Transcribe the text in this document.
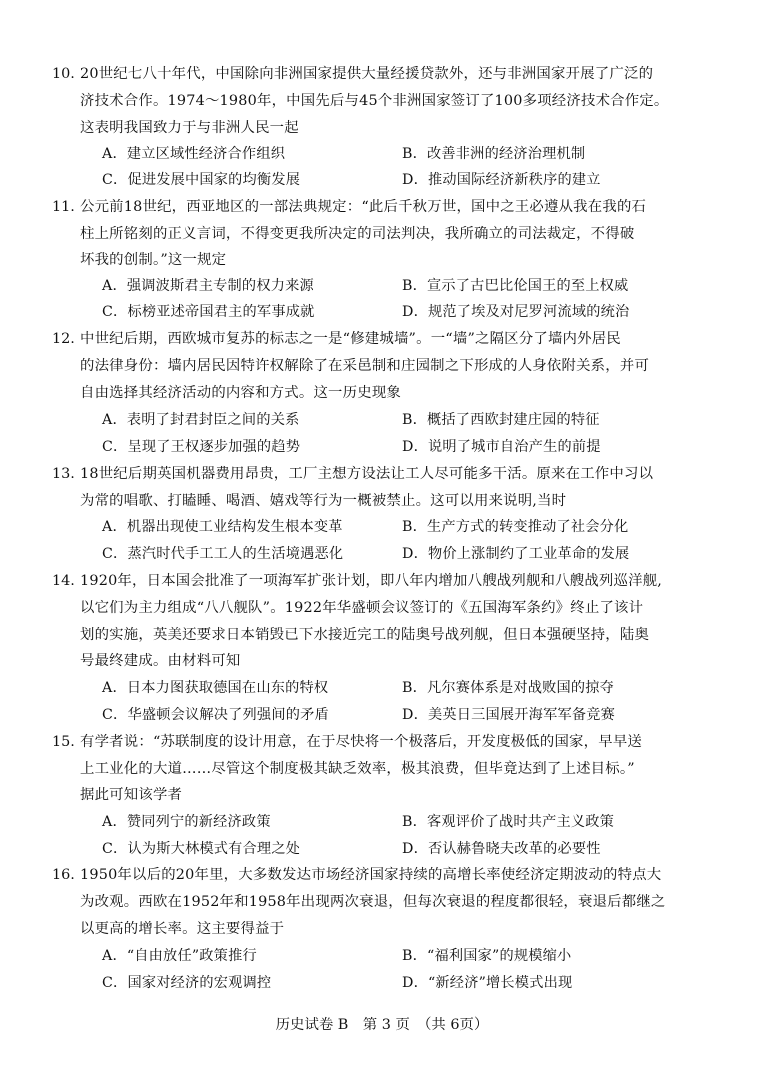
10. 20世纪七八十年代，中国除向非洲国家提供大量经援贷款外，还与非洲国家开展了广泛的
济技术合作。1974～1980年，中国先后与45个非洲国家签订了100多项经济技术合作定。
这表明我国致力于与非洲人民一起
A．建立区域性经济合作组织	B．改善非洲的经济治理机制
C．促进发展中国家的均衡发展	D．推动国际经济新秩序的建立
11. 公元前18世纪，西亚地区的一部法典规定：“此后千秋万世，国中之王必遵从我在我的石
柱上所铭刻的正义言词，不得变更我所决定的司法判决，我所确立的司法裁定，不得破
坏我的创制。”这一规定
A．强调波斯君主专制的权力来源	B．宣示了古巴比伦国王的至上权威
C．标榜亚述帝国君主的军事成就	D．规范了埃及对尼罗河流域的统治
12. 中世纪后期，西欧城市复苏的标志之一是“修建城墙”。一“墙”之隔区分了墙内外居民
的法律身份：墙内居民因特许权解除了在采邑制和庄园制之下形成的人身依附关系，并可
自由选择其经济活动的内容和方式。这一历史现象
A．表明了封君封臣之间的关系	B．概括了西欧封建庄园的特征
C．呈现了王权逐步加强的趋势	D．说明了城市自治产生的前提
13. 18世纪后期英国机器费用昂贵，工厂主想方设法让工人尽可能多干活。原来在工作中习以
为常的唱歌、打瞌睡、喝酒、嬉戏等行为一概被禁止。这可以用来说明,当时
A．机器出现使工业结构发生根本变革	B．生产方式的转变推动了社会分化
C．蒸汽时代手工工人的生活境遇恶化	D．物价上涨制约了工业革命的发展
14. 1920年，日本国会批准了一项海军扩张计划，即八年内增加八艘战列舰和八艘战列巡洋舰,
以它们为主力组成“八八舰队”。1922年华盛顿会议签订的《五国海军条约》终止了该计
划的实施，英美还要求日本销毁已下水接近完工的陆奥号战列舰，但日本强硬坚持，陆奥
号最终建成。由材料可知
A．日本力图获取德国在山东的特权	B．凡尔赛体系是对战败国的掠夺
C．华盛顿会议解决了列强间的矛盾	D．美英日三国展开海军军备竞赛
15. 有学者说：“苏联制度的设计用意，在于尽快将一个极落后，开发度极低的国家，早早送
上工业化的大道……尽管这个制度极其缺乏效率，极其浪费，但毕竟达到了上述目标。”
据此可知该学者
A．赞同列宁的新经济政策	B．客观评价了战时共产主义政策
C．认为斯大林模式有合理之处	D．否认赫鲁晓夫改革的必要性
16. 1950年以后的20年里，大多数发达市场经济国家持续的高增长率使经济定期波动的特点大
为改观。西欧在1952年和1958年出现两次衰退，但每次衰退的程度都很轻，衰退后都继之
以更高的增长率。这主要得益于
A．“自由放任”政策推行	B．“福利国家”的规模缩小
C．国家对经济的宏观调控	D．“新经济”增长模式出现
历史试卷 B　第 3 页　（共 6页）
